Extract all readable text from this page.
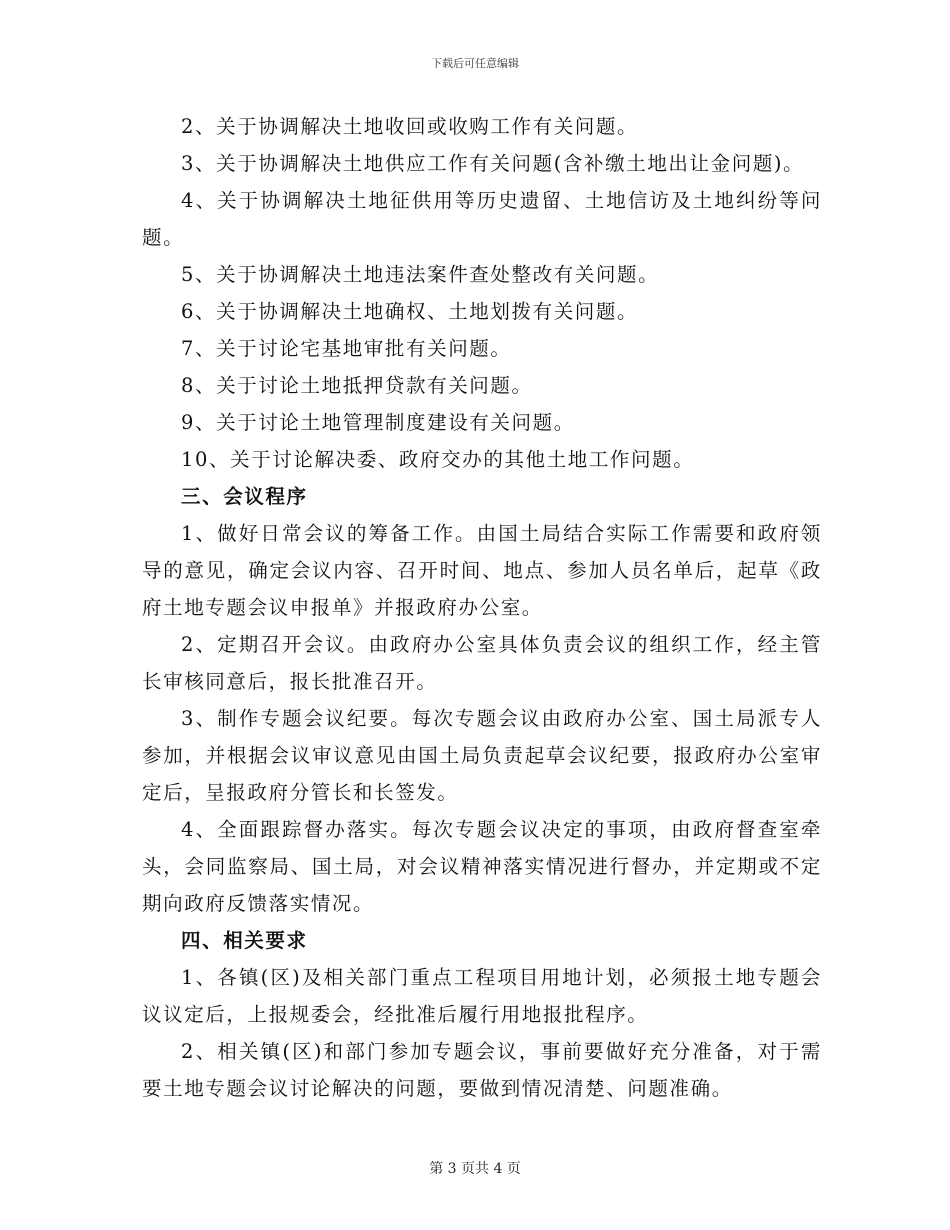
下载后可任意编辑

2、关于协调解决土地收回或收购工作有关问题。

3、关于协调解决土地供应工作有关问题(含补缴土地出让金问题)。

4、关于协调解决土地征供用等历史遗留、土地信访及土地纠纷等问题。

5、关于协调解决土地违法案件查处整改有关问题。

6、关于协调解决土地确权、土地划拨有关问题。

7、关于讨论宅基地审批有关问题。

8、关于讨论土地抵押贷款有关问题。

9、关于讨论土地管理制度建设有关问题。

10、关于讨论解决委、政府交办的其他土地工作问题。

三、会议程序

1、做好日常会议的筹备工作。由国土局结合实际工作需要和政府领导的意见，确定会议内容、召开时间、地点、参加人员名单后，起草《政府土地专题会议申报单》并报政府办公室。

2、定期召开会议。由政府办公室具体负责会议的组织工作，经主管长审核同意后，报长批准召开。

3、制作专题会议纪要。每次专题会议由政府办公室、国土局派专人参加，并根据会议审议意见由国土局负责起草会议纪要，报政府办公室审定后，呈报政府分管长和长签发。

4、全面跟踪督办落实。每次专题会议决定的事项，由政府督查室牵头，会同监察局、国土局，对会议精神落实情况进行督办，并定期或不定期向政府反馈落实情况。

四、相关要求

1、各镇(区)及相关部门重点工程项目用地计划，必须报土地专题会议议定后，上报规委会，经批准后履行用地报批程序。

2、相关镇(区)和部门参加专题会议，事前要做好充分准备，对于需要土地专题会议讨论解决的问题，要做到情况清楚、问题准确。

第 3 页共 4 页
